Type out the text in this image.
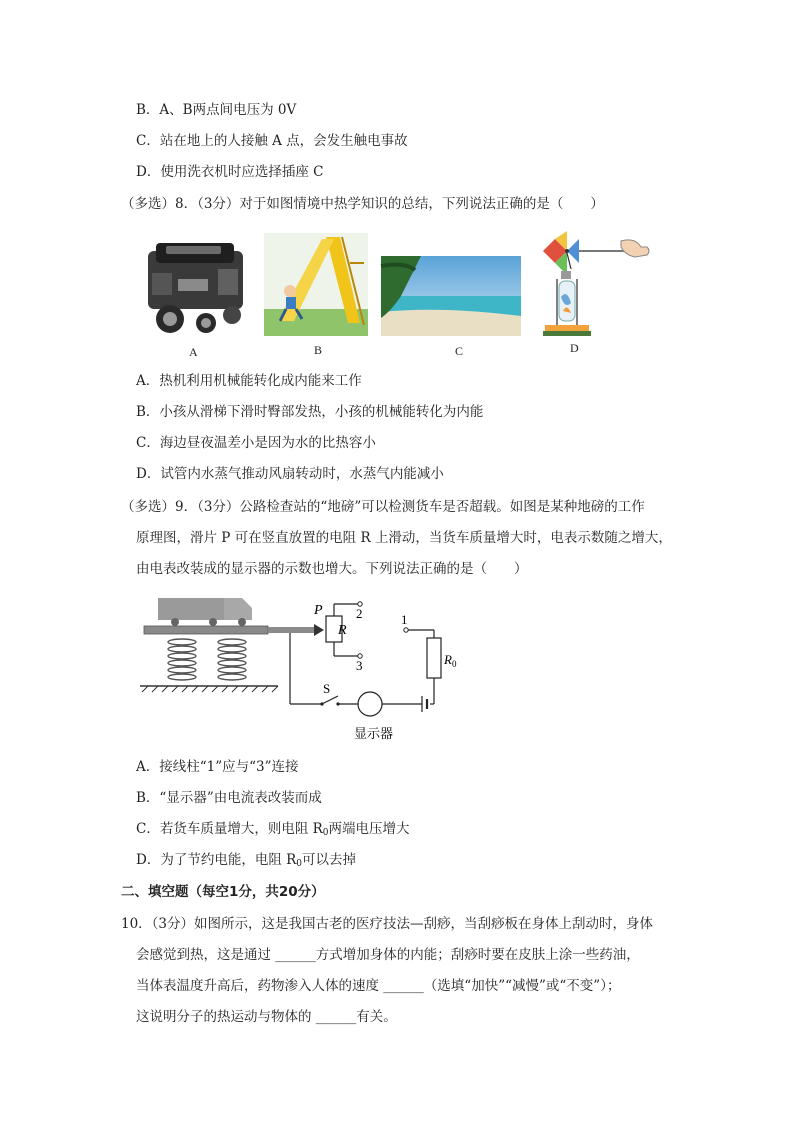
B．A、B两点间电压为 0V
C．站在地上的人接触 A 点，会发生触电事故
D．使用洗衣机时应选择插座 C
（多选）8．（3分）对于如图情境中热学知识的总结，下列说法正确的是（　　）
A	B	C	D
A．热机利用机械能转化成内能来工作
B．小孩从滑梯下滑时臀部发热，小孩的机械能转化为内能
C．海边昼夜温差小是因为水的比热容小
D．试管内水蒸气推动风扇转动时，水蒸气内能减小
（多选）9．（3分）公路检查站的“地磅”可以检测货车是否超载。如图是某种地磅的工作
原理图，滑片 P 可在竖直放置的电阻 R 上滑动，当货车质量增大时，电表示数随之增大，
由电表改装成的显示器的示数也增大。下列说法正确的是（　　）
P
R
2
3
1
$R_0$
S
显示器
A．接线柱“1”应与“3”连接
B．“显示器”由电流表改装而成
C．若货车质量增大，则电阻 $R_0$两端电压增大
D．为了节约电能，电阻 $R_0$可以去掉
二、填空题（每空1分，共20分）
10．（3分）如图所示，这是我国古老的医疗技法—刮痧，当刮痧板在身体上刮动时，身体
会感觉到热，这是通过 ______方式增加身体的内能；刮痧时要在皮肤上涂一些药油，
当体表温度升高后，药物渗入人体的速度 ______（选填“加快”“减慢”或“不变”）；
这说明分子的热运动与物体的 ______有关。
